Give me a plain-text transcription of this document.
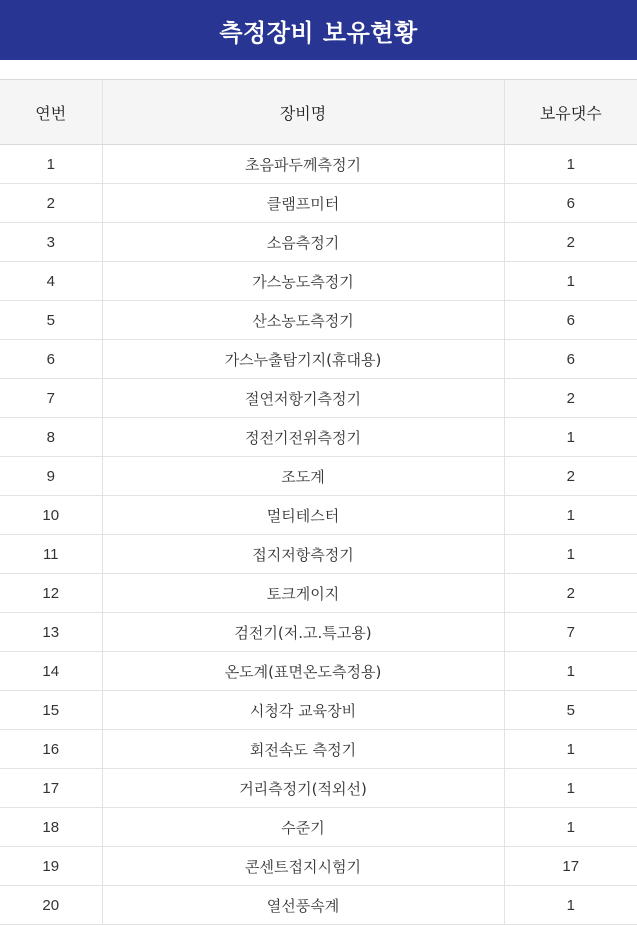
측정장비 보유현황
연번	장비명	보유댓수
1	초음파두께측정기	1
2	클램프미터	6
3	소음측정기	2
4	가스농도측정기	1
5	산소농도측정기	6
6	가스누출탐기지(휴대용)	6
7	절연저항기측정기	2
8	정전기전위측정기	1
9	조도계	2
10	멀티테스터	1
11	접지저항측정기	1
12	토크게이지	2
13	검전기(저.고.특고용)	7
14	온도계(표면온도측정용)	1
15	시청각 교육장비	5
16	회전속도 측정기	1
17	거리측정기(적외선)	1
18	수준기	1
19	콘센트접지시험기	17
20	열선풍속계	1
